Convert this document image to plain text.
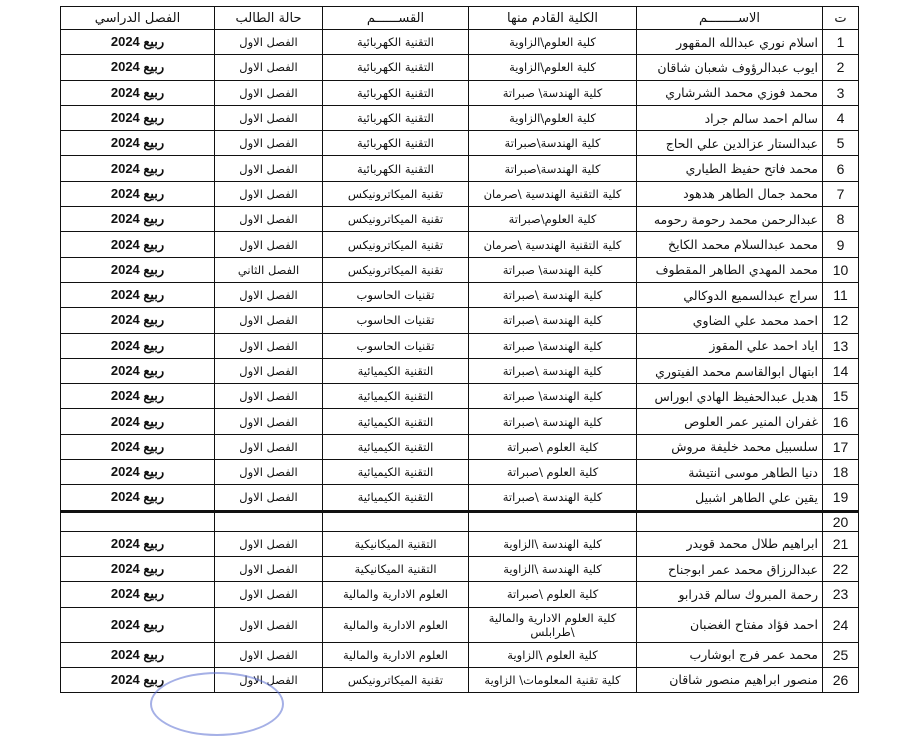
ت	الاســــــــم	الكلية القادم منها	القســــــم	حالة الطالب	الفصل الدراسي
1	اسلام نوري عبدالله المقهور	كلية العلوم\الزاوية	التقنية الكهربائية	الفصل الاول	ربيع 2024
2	ايوب عبدالرؤوف شعبان شاقان	كلية العلوم\الزاوية	التقنية الكهربائية	الفصل الاول	ربيع 2024
3	محمد فوزي محمد الشرشاري	كلية الهندسة\ صبراتة	التقنية الكهربائية	الفصل الاول	ربيع 2024
4	سالم احمد سالم جراد	كلية العلوم\الزاوية	التقنية الكهربائية	الفصل الاول	ربيع 2024
5	عبدالستار عزالدين علي الحاج	كلية الهندسة\صبراتة	التقنية الكهربائية	الفصل الاول	ربيع 2024
6	محمد فاتح حفيظ الطياري	كلية الهندسة\صبراتة	التقنية الكهربائية	الفصل الاول	ربيع 2024
7	محمد جمال الطاهر هدهود	كلية التقنية الهندسية \صرمان	تقنية الميكاترونيكس	الفصل الاول	ربيع 2024
8	عبدالرحمن محمد رحومة رحومه	كلية العلوم\صبراتة	تقنية الميكاترونيكس	الفصل الاول	ربيع 2024
9	محمد عبدالسلام محمد الكايخ	كلية التقنية الهندسية \صرمان	تقنية الميكاترونيكس	الفصل الاول	ربيع 2024
10	محمد المهدي الطاهر المقطوف	كلية الهندسة\ صبراتة	تقنية الميكاترونيكس	الفصل الثاني	ربيع 2024
11	سراج عبدالسميع الدوكالي	كلية الهندسة \صبراتة	تقنيات الحاسوب	الفصل الاول	ربيع 2024
12	احمد محمد علي الضاوي	كلية الهندسة \صبراتة	تقنيات الحاسوب	الفصل الاول	ربيع 2024
13	اياد احمد علي المقوز	كلية الهندسة\ صبراتة	تقنيات الحاسوب	الفصل الاول	ربيع 2024
14	ابتهال ابوالقاسم محمد الفيتوري	كلية الهندسة \صبراتة	التقنية الكيميائية	الفصل الاول	ربيع 2024
15	هديل عبدالحفيظ الهادي ابوراس	كلية الهندسة\ صبراتة	التقنية الكيميائية	الفصل الاول	ربيع 2024
16	غفران المنير عمر العلوص	كلية الهندسة \صبراتة	التقنية الكيميائية	الفصل الاول	ربيع 2024
17	سلسبيل محمد خليفة مروش	كلية العلوم \صبراتة	التقنية الكيميائية	الفصل الاول	ربيع 2024
18	دنيا الطاهر موسى انتيشة	كلية العلوم \صبراتة	التقنية الكيميائية	الفصل الاول	ربيع 2024
19	يقين علي الطاهر اشبيل	كلية الهندسة \صبراتة	التقنية الكيميائية	الفصل الاول	ربيع 2024
20					
21	ابراهيم طلال محمد قويدر	كلية الهندسة \الزاوية	التقنية الميكانيكية	الفصل الاول	ربيع 2024
22	عبدالرزاق محمد عمر ابوجناح	كلية الهندسة \الزاوية	التقنية الميكانيكية	الفصل الاول	ربيع 2024
23	رحمة المبروك سالم قدرابو	كلية العلوم \صبراتة	العلوم الادارية والمالية	الفصل الاول	ربيع 2024
24	احمد فؤاد مفتاح الغضبان	كلية العلوم الادارية والمالية \طرابلس	العلوم الادارية والمالية	الفصل الاول	ربيع 2024
25	محمد عمر فرج ابوشارب	كلية العلوم \الزاوية	العلوم الادارية والمالية	الفصل الاول	ربيع 2024
26	منصور ابراهيم منصور شاقان	كلية تقنية المعلومات\ الزاوية	تقنية الميكاترونيكس	الفصل الاول	ربيع 2024
